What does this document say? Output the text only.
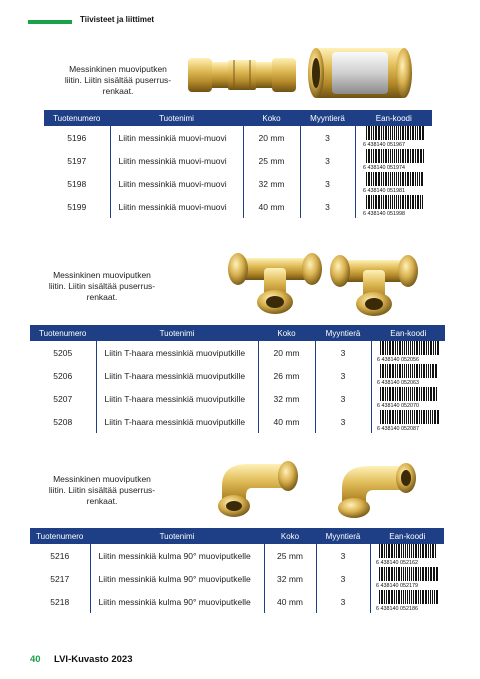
Tiivisteet ja liittimet
Messinkinen muoviputken
liitin. Liitin sisältää puserrus-
renkaat.
Tuotenumero	Tuotenimi	Koko	Myyntierä	Ean-koodi
5196	Liitin messinkiä muovi-muovi	20 mm	3	6 438140 051967

5197	Liitin messinkiä muovi-muovi	25 mm	3	6 438140 051974

5198	Liitin messinkiä muovi-muovi	32 mm	3	6 438140 051981

5199	Liitin messinkiä muovi-muovi	40 mm	3	6 438140 051998
Messinkinen muoviputken
liitin. Liitin sisältää puserrus-
renkaat.
Tuotenumero	Tuotenimi	Koko	Myyntierä	Ean-koodi
5205	Liitin T-haara messinkiä muoviputkille	20 mm	3	6 438140 052056

5206	Liitin T-haara messinkiä muoviputkille	26 mm	3	6 438140 052063

5207	Liitin T-haara messinkiä muoviputkille	32 mm	3	6 438140 052070

5208	Liitin T-haara messinkiä muoviputkille	40 mm	3	6 438140 052087
Messinkinen muoviputken
liitin. Liitin sisältää puserrus-
renkaat.
Tuotenumero	Tuotenimi	Koko	Myyntierä	Ean-koodi
5216	Liitin messinkiä kulma 90° muoviputkelle	25 mm	3	6 438140 052162

5217	Liitin messinkiä kulma 90° muoviputkelle	32 mm	3	6 438140 052179

5218	Liitin messinkiä kulma 90° muoviputkelle	40 mm	3	6 438140 052186
40 LVI-Kuvasto 2023
